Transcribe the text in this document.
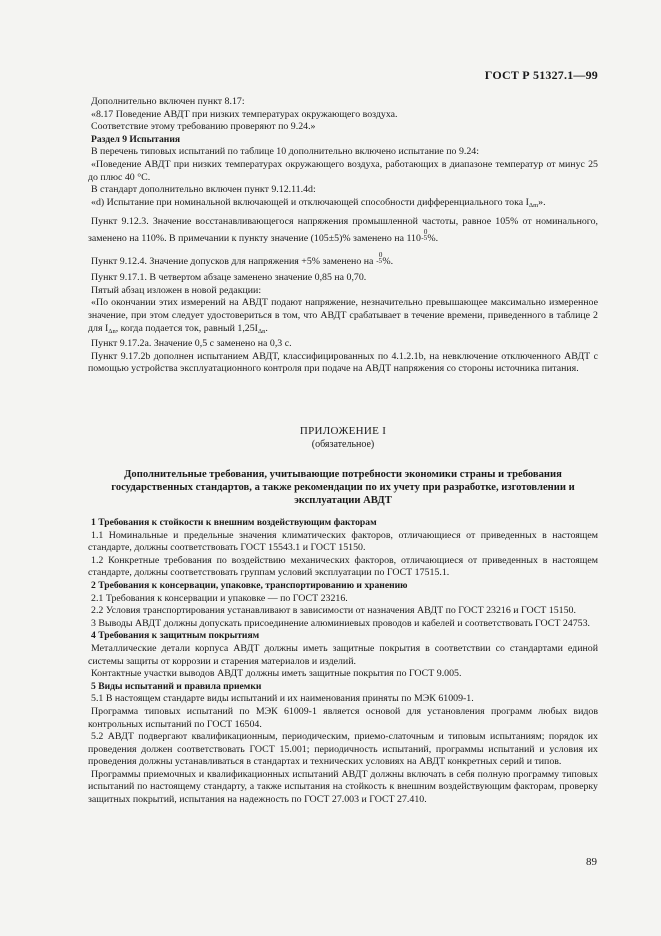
ГОСТ Р 51327.1—99

Дополнительно включен пункт 8.17:

«8.17 Поведение АВДТ при низких температурах окружающего воздуха.

Соответствие этому требованию проверяют по 9.24.»

Раздел 9 Испытания

В перечень типовых испытаний по таблице 10 дополнительно включено испытание по 9.24:

«Поведение АВДТ при низких температурах окружающего воздуха, работающих в диапазоне температур от минус 25 до плюс 40 °С.

В стандарт дополнительно включен пункт 9.12.11.4d:

«d) Испытание при номинальной включающей и отключающей способности дифференциального тока $I_{\Delta m}$».

Пункт 9.12.3. Значение восстанавливающегося напряжения промышленной частоты, равное 105% от номинального, заменено на 110%. В примечании к пункту значение (105±5)% заменено на 1100
-5%.

Пункт 9.12.4. Значение допусков для напряжения +5% заменено на 0
-5%.

Пункт 9.17.1. В четвертом абзаце заменено значение 0,85 на 0,70.

Пятый абзац изложен в новой редакции:

«По окончании этих измерений на АВДТ подают напряжение, незначительно превышающее максимально измеренное значение, при этом следует удостовериться в том, что АВДТ срабатывает в течение времени, приведенного в таблице 2 для $I_{\Delta n}$, когда подается ток, равный $1,25I_{\Delta n}$.

Пункт 9.17.2a. Значение 0,5 с заменено на 0,3 с.

Пункт 9.17.2b дополнен испытанием АВДТ, классифицированных по 4.1.2.1b, на невключение отключенного АВДТ с помощью устройства эксплуатационного контроля при подаче на АВДТ напряжения со стороны источника питания.

ПРИЛОЖЕНИЕ I
(обязательное)
Дополнительные требования, учитывающие потребности экономики страны и требования государственных стандартов, а также рекомендации по их учету при разработке, изготовлении и эксплуатации АВДТ

1 Требования к стойкости к внешним воздействующим факторам

1.1 Номинальные и предельные значения климатических факторов, отличающиеся от приведенных в настоящем стандарте, должны соответствовать ГОСТ 15543.1 и ГОСТ 15150.

1.2 Конкретные требования по воздействию механических факторов, отличающиеся от приведенных в настоящем стандарте, должны соответствовать группам условий эксплуатации по ГОСТ 17515.1.

2 Требования к консервации, упаковке, транспортированию и хранению

2.1 Требования к консервации и упаковке — по ГОСТ 23216.

2.2 Условия транспортирования устанавливают в зависимости от назначения АВДТ по ГОСТ 23216 и ГОСТ 15150.

3 Выводы АВДТ должны допускать присоединение алюминиевых проводов и кабелей и соответствовать ГОСТ 24753.

4 Требования к защитным покрытиям

Металлические детали корпуса АВДТ должны иметь защитные покрытия в соответствии со стандартами единой системы защиты от коррозии и старения материалов и изделий.

Контактные участки выводов АВДТ должны иметь защитные покрытия по ГОСТ 9.005.

5 Виды испытаний и правила приемки

5.1 В настоящем стандарте виды испытаний и их наименования приняты по МЭК 61009-1.

Программа типовых испытаний по МЭК 61009-1 является основой для установления программ любых видов контрольных испытаний по ГОСТ 16504.

5.2 АВДТ подвергают квалификационным, периодическим, приемо-слаточным и типовым испытаниям; порядок их проведения должен соответствовать ГОСТ 15.001; периодичность испытаний, программы испытаний и условия их проведения должны устанавливаться в стандартах и технических условиях на АВДТ конкретных серий и типов.

Программы приемочных и квалификационных испытаний АВДТ должны включать в себя полную программу типовых испытаний по настоящему стандарту, а также испытания на стойкость к внешним воздействующим факторам, проверку защитных покрытий, испытания на надежность по ГОСТ 27.003 и ГОСТ 27.410.

89
